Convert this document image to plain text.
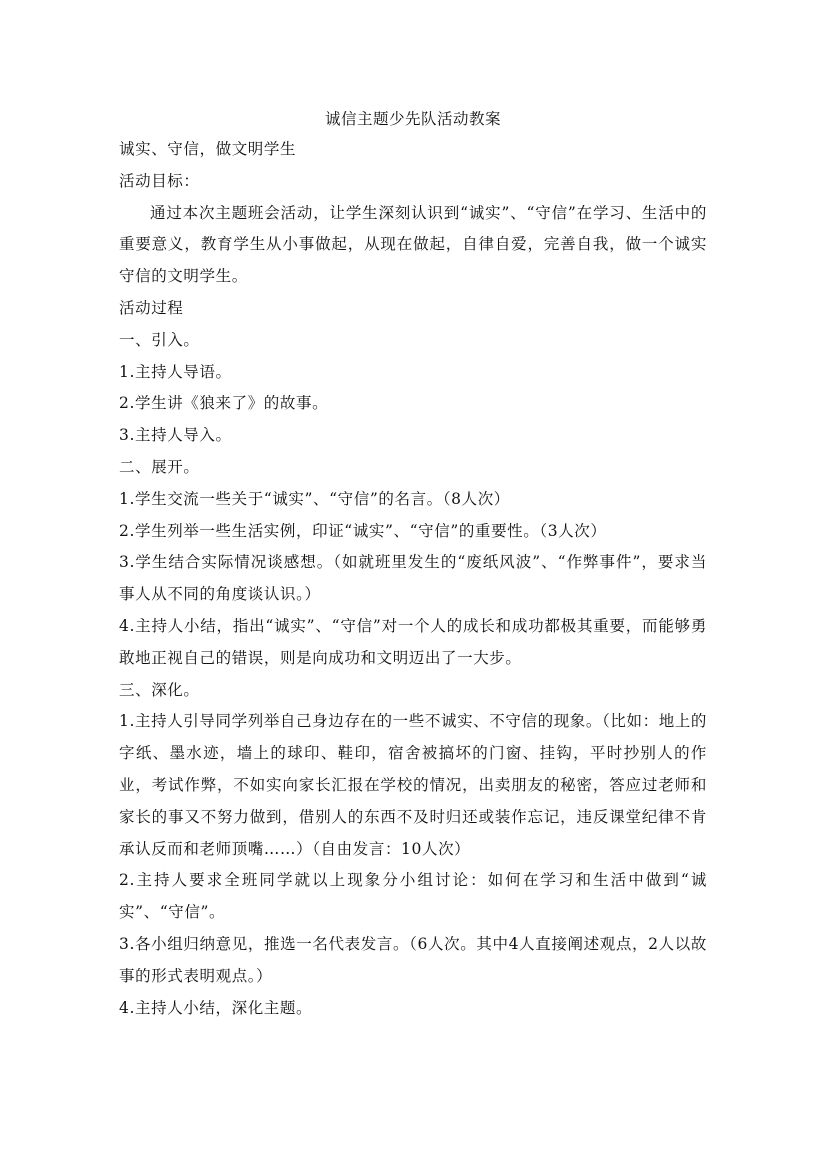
诚信主题少先队活动教案

诚实、守信，做文明学生

活动目标：

通过本次主题班会活动，让学生深刻认识到“诚实”、“守信”在学习、生活中的重要意义，教育学生从小事做起，从现在做起，自律自爱，完善自我，做一个诚实守信的文明学生。

活动过程

一、引入。

1.主持人导语。

2.学生讲《狼来了》的故事。

3.主持人导入。

二、展开。

1.学生交流一些关于“诚实”、“守信”的名言。（8人次）

2.学生列举一些生活实例，印证“诚实”、“守信”的重要性。（3人次）

3.学生结合实际情况谈感想。（如就班里发生的“废纸风波”、“作弊事件”，要求当事人从不同的角度谈认识。）

4.主持人小结，指出“诚实”、“守信”对一个人的成长和成功都极其重要，而能够勇敢地正视自己的错误，则是向成功和文明迈出了一大步。

三、深化。

1.主持人引导同学列举自己身边存在的一些不诚实、不守信的现象。（比如：地上的字纸、墨水迹，墙上的球印、鞋印，宿舍被搞坏的门窗、挂钩，平时抄别人的作业，考试作弊，不如实向家长汇报在学校的情况，出卖朋友的秘密，答应过老师和家长的事又不努力做到，借别人的东西不及时归还或装作忘记，违反课堂纪律不肯承认反而和老师顶嘴……）（自由发言：10人次）

2.主持人要求全班同学就以上现象分小组讨论：如何在学习和生活中做到“诚实”、“守信”。

3.各小组归纳意见，推选一名代表发言。（6人次。其中4人直接阐述观点，2人以故事的形式表明观点。）

4.主持人小结，深化主题。
